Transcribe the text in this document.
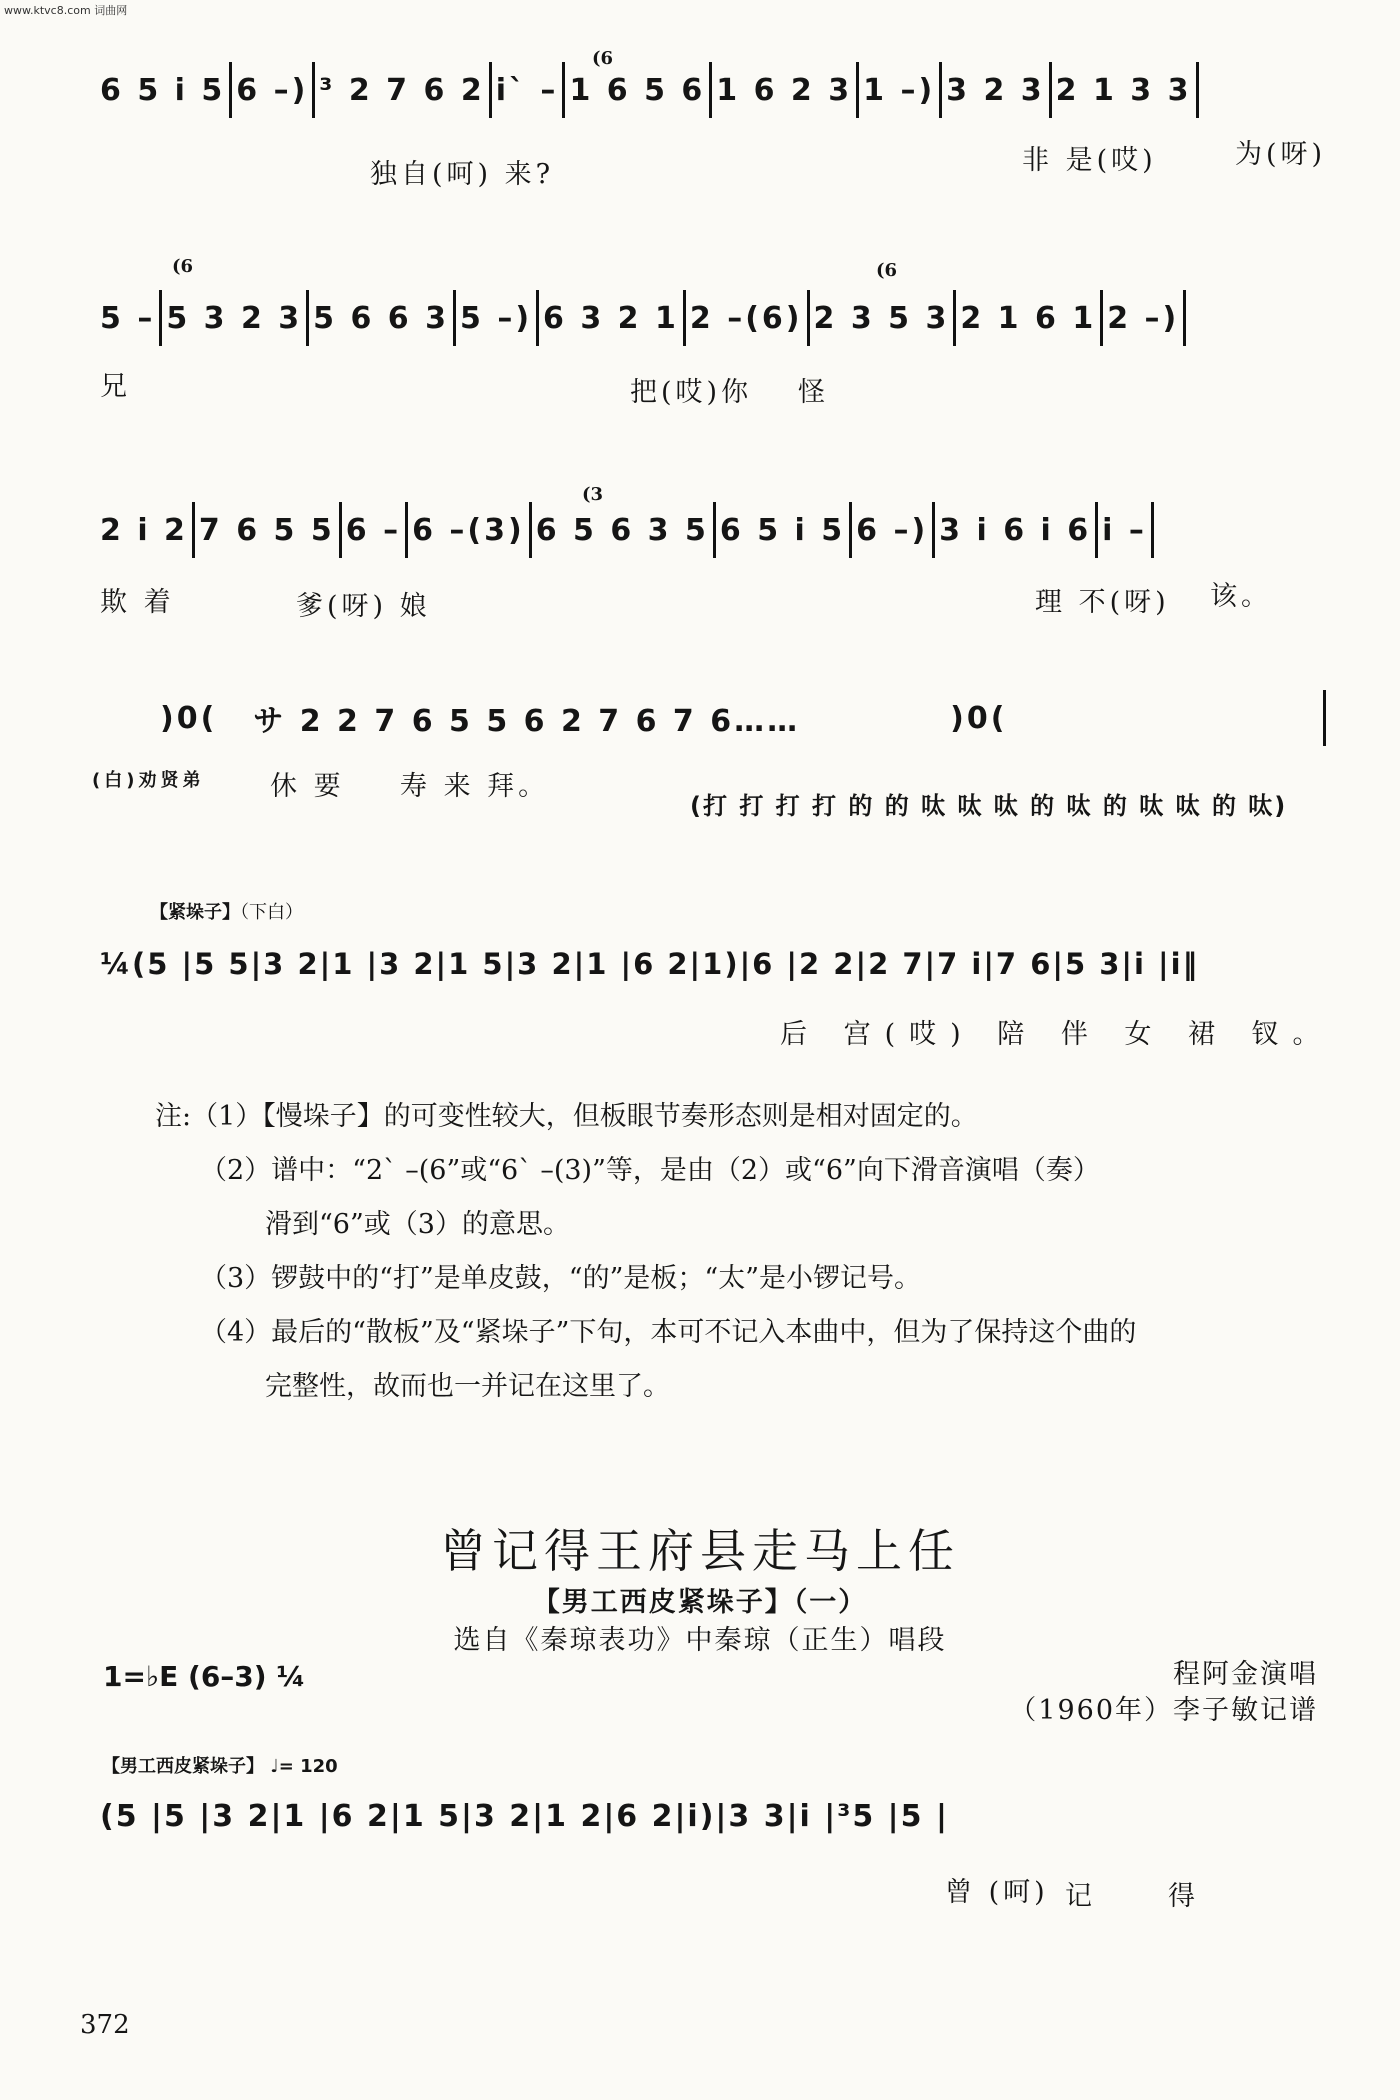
www.ktvc8.com 词曲网
(6
6 5 i 5 6 –) ³ 2 7 6 2 i` – 1 6 5 6 1 6 2 3 1 –) 3 2 3 2 1 3 3
独自(呵) 来?	非 是(哎)	为(呀)
(6	(6
5 – 5 3 2 3 5 6 6 3 5 –) 6 3 2 1 2 –(6) 2 3 5 3 2 1 6 1 2 –)
兄	把(哎)你 怪
(3
2 i 2 7 6 5 5 6 – 6 –(3) 6 5 6 3 5 6 5 i 5 6 –) 3 i 6 i 6 i –
欺 着	爹(呀) 娘	理 不(呀) 该。
)0( サ 2 2 7 6 5 5 6 2 7 6 7 6……	)0(
(白)劝贤弟 休 要 寿 来 拜。
(打 打 打 打 的 的 呔 呔 呔 的 呔 的 呔 呔 的 呔)
【紧垛子】（下白）
¼(5 |5 5|3 2|1 |3 2|1 5|3 2|1 |6 2|1)|6 |2 2|2 7|7 i|7 6|5 3|i |i‖
后 宫(哎) 陪 伴 女 裙 钗。

注:（1）【慢垛子】的可变性较大，但板眼节奏形态则是相对固定的。

（2）谱中：“2` –(6”或“6` –(3)”等，是由（2）或“6”向下滑音演唱（奏）

滑到“6”或（3）的意思。

（3）锣鼓中的“打”是单皮鼓，“的”是板；“太”是小锣记号。

（4）最后的“散板”及“紧垛子”下句，本可不记入本曲中，但为了保持这个曲的

完整性，故而也一并记在这里了。

曾记得王府县走马上任
【男工西皮紧垛子】（一）
选自《秦琼表功》中秦琼（正生）唱段
1=♭E (6–3) ¼	程阿金演唱
（1960年）李子敏记谱
【男工西皮紧垛子】 ♩= 120
(5 |5 |3 2|1 |6 2|1 5|3 2|1 2|6 2|i)|3 3|i |³5 |5 |
曾 (呵) 记	得
372
